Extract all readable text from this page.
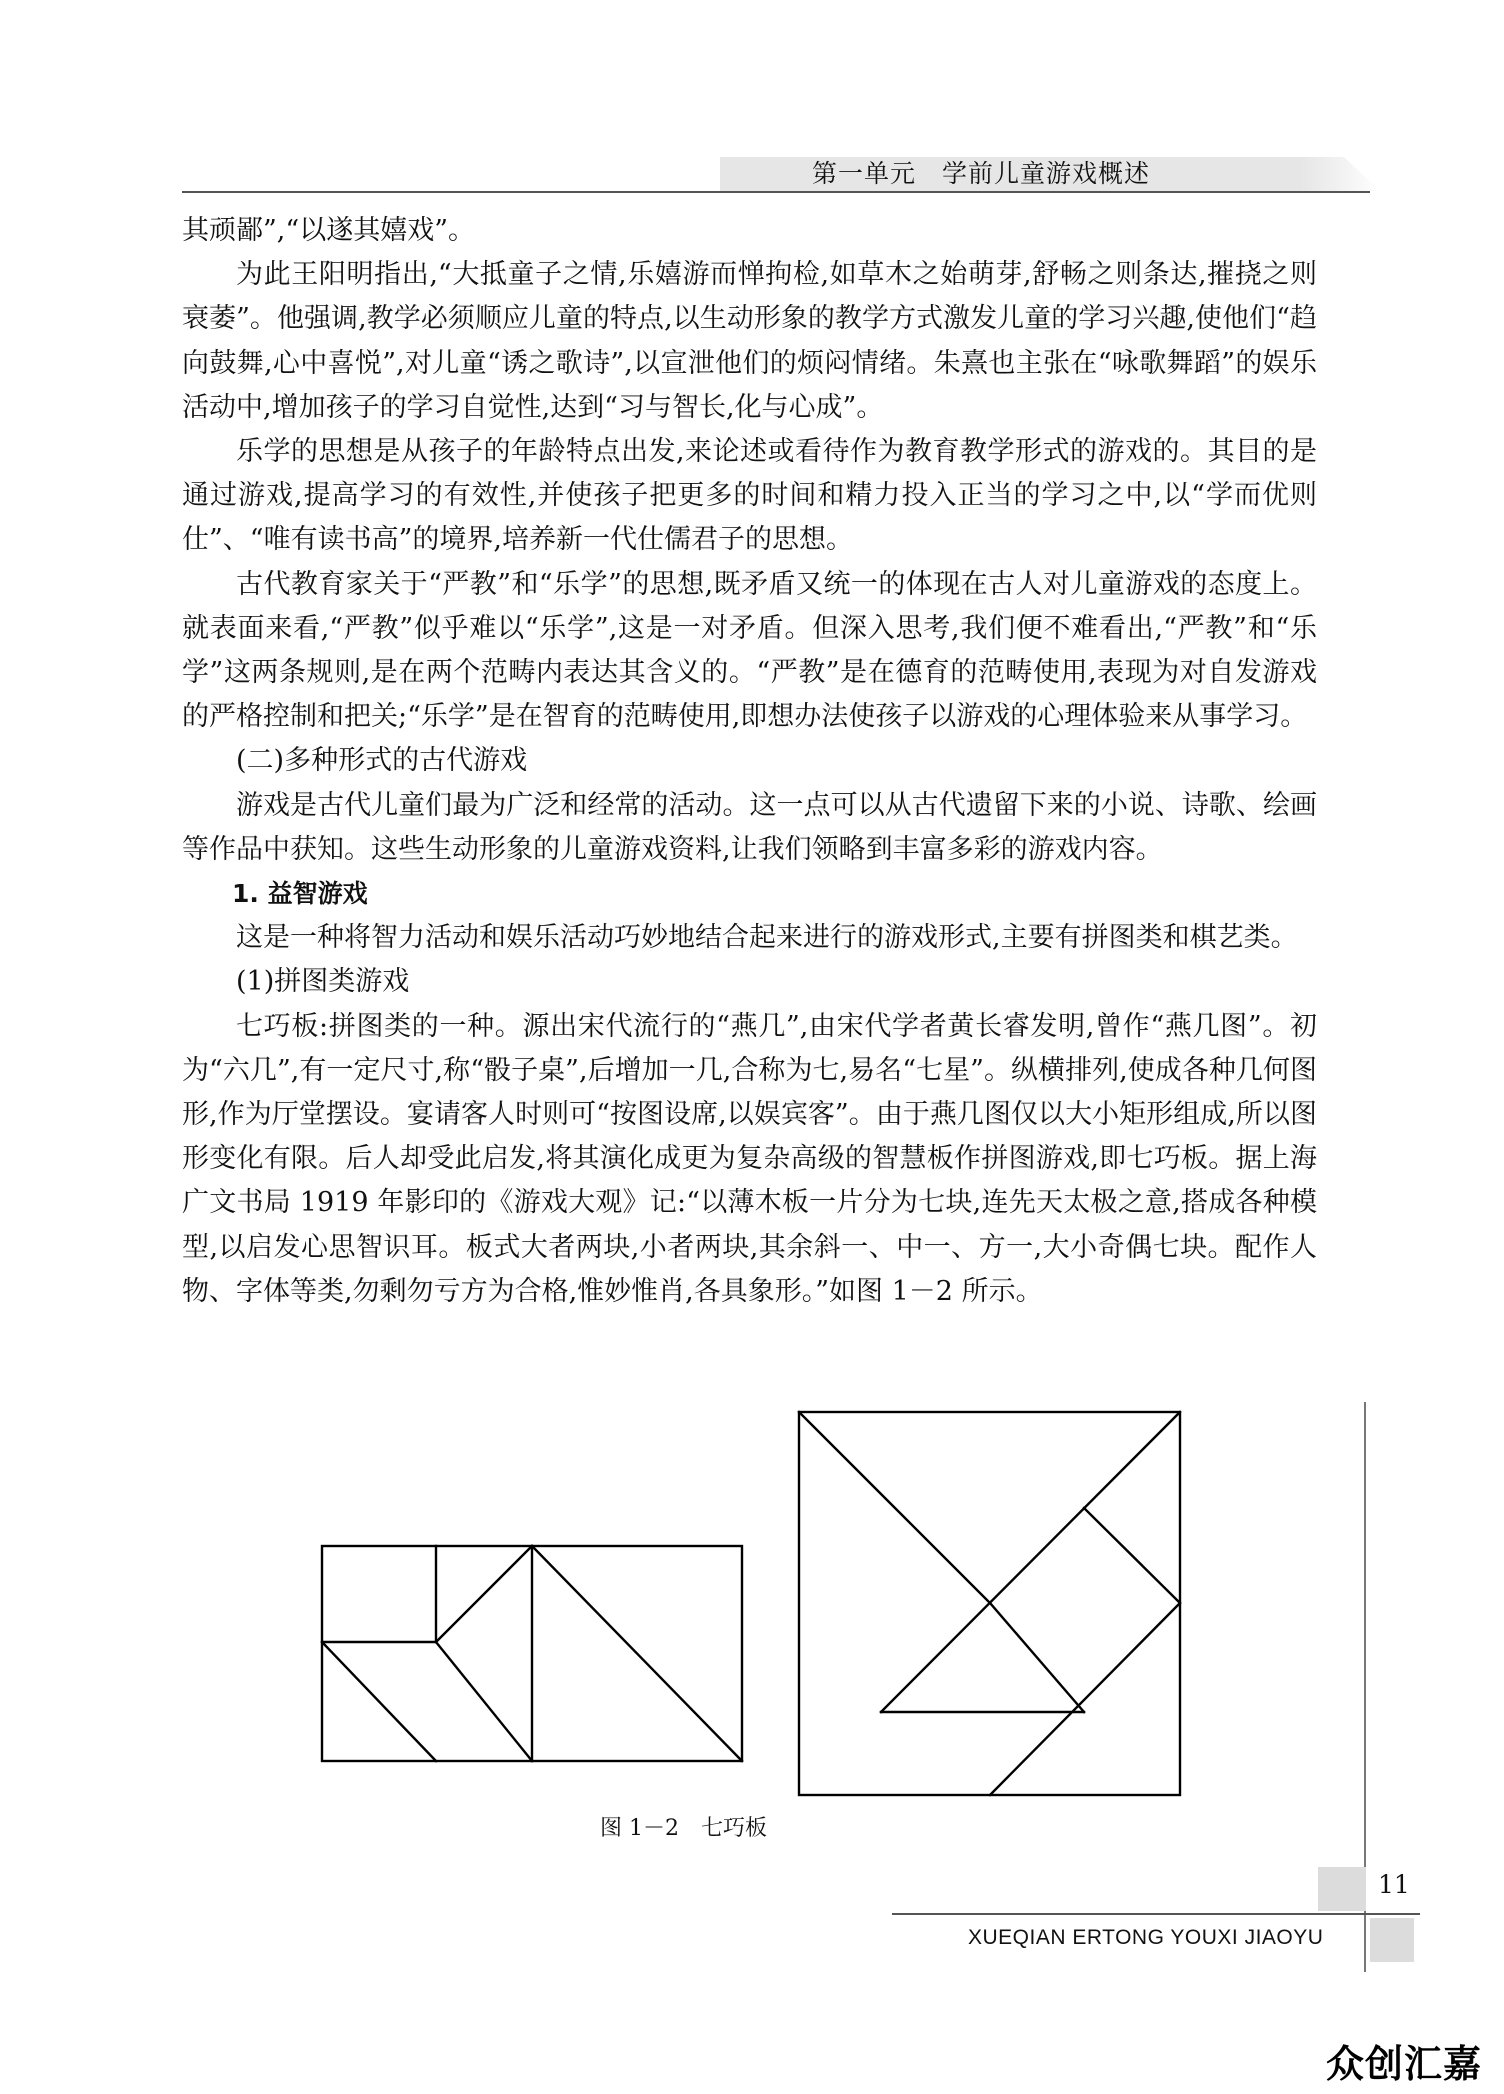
第一单元　学前儿童游戏概述

其顽鄙”,“以遂其嬉戏”。

为此王阳明指出,“大抵童子之情,乐嬉游而惮拘检,如草木之始萌芽,舒畅之则条达,摧挠之则衰萎”。他强调,教学必须顺应儿童的特点,以生动形象的教学方式激发儿童的学习兴趣,使他们“趋向鼓舞,心中喜悦”,对儿童“诱之歌诗”,以宣泄他们的烦闷情绪。朱熹也主张在“咏歌舞蹈”的娱乐活动中,增加孩子的学习自觉性,达到“习与智长,化与心成”。

乐学的思想是从孩子的年龄特点出发,来论述或看待作为教育教学形式的游戏的。其目的是通过游戏,提高学习的有效性,并使孩子把更多的时间和精力投入正当的学习之中,以“学而优则仕”、“唯有读书高”的境界,培养新一代仕儒君子的思想。

古代教育家关于“严教”和“乐学”的思想,既矛盾又统一的体现在古人对儿童游戏的态度上。就表面来看,“严教”似乎难以“乐学”,这是一对矛盾。但深入思考,我们便不难看出,“严教”和“乐学”这两条规则,是在两个范畴内表达其含义的。“严教”是在德育的范畴使用,表现为对自发游戏的严格控制和把关;“乐学”是在智育的范畴使用,即想办法使孩子以游戏的心理体验来从事学习。

(二)多种形式的古代游戏

游戏是古代儿童们最为广泛和经常的活动。这一点可以从古代遗留下来的小说、诗歌、绘画等作品中获知。这些生动形象的儿童游戏资料,让我们领略到丰富多彩的游戏内容。

1. 益智游戏

这是一种将智力活动和娱乐活动巧妙地结合起来进行的游戏形式,主要有拼图类和棋艺类。

(1)拼图类游戏

七巧板:拼图类的一种。源出宋代流行的“燕几”,由宋代学者黄长睿发明,曾作“燕几图”。初为“六几”,有一定尺寸,称“骰子桌”,后增加一几,合称为七,易名“七星”。纵横排列,使成各种几何图形,作为厅堂摆设。宴请客人时则可“按图设席,以娱宾客”。由于燕几图仅以大小矩形组成,所以图形变化有限。后人却受此启发,将其演化成更为复杂高级的智慧板作拼图游戏,即七巧板。据上海广文书局 1919 年影印的《游戏大观》记:“以薄木板一片分为七块,连先天太极之意,搭成各种模型,以启发心思智识耳。板式大者两块,小者两块,其余斜一、中一、方一,大小奇偶七块。配作人物、字体等类,勿剩勿亏方为合格,惟妙惟肖,各具象形。”如图 1－2 所示。

图 1－2　七巧板
11
XUEQIAN ERTONG YOUXI JIAOYU
众创汇嘉
